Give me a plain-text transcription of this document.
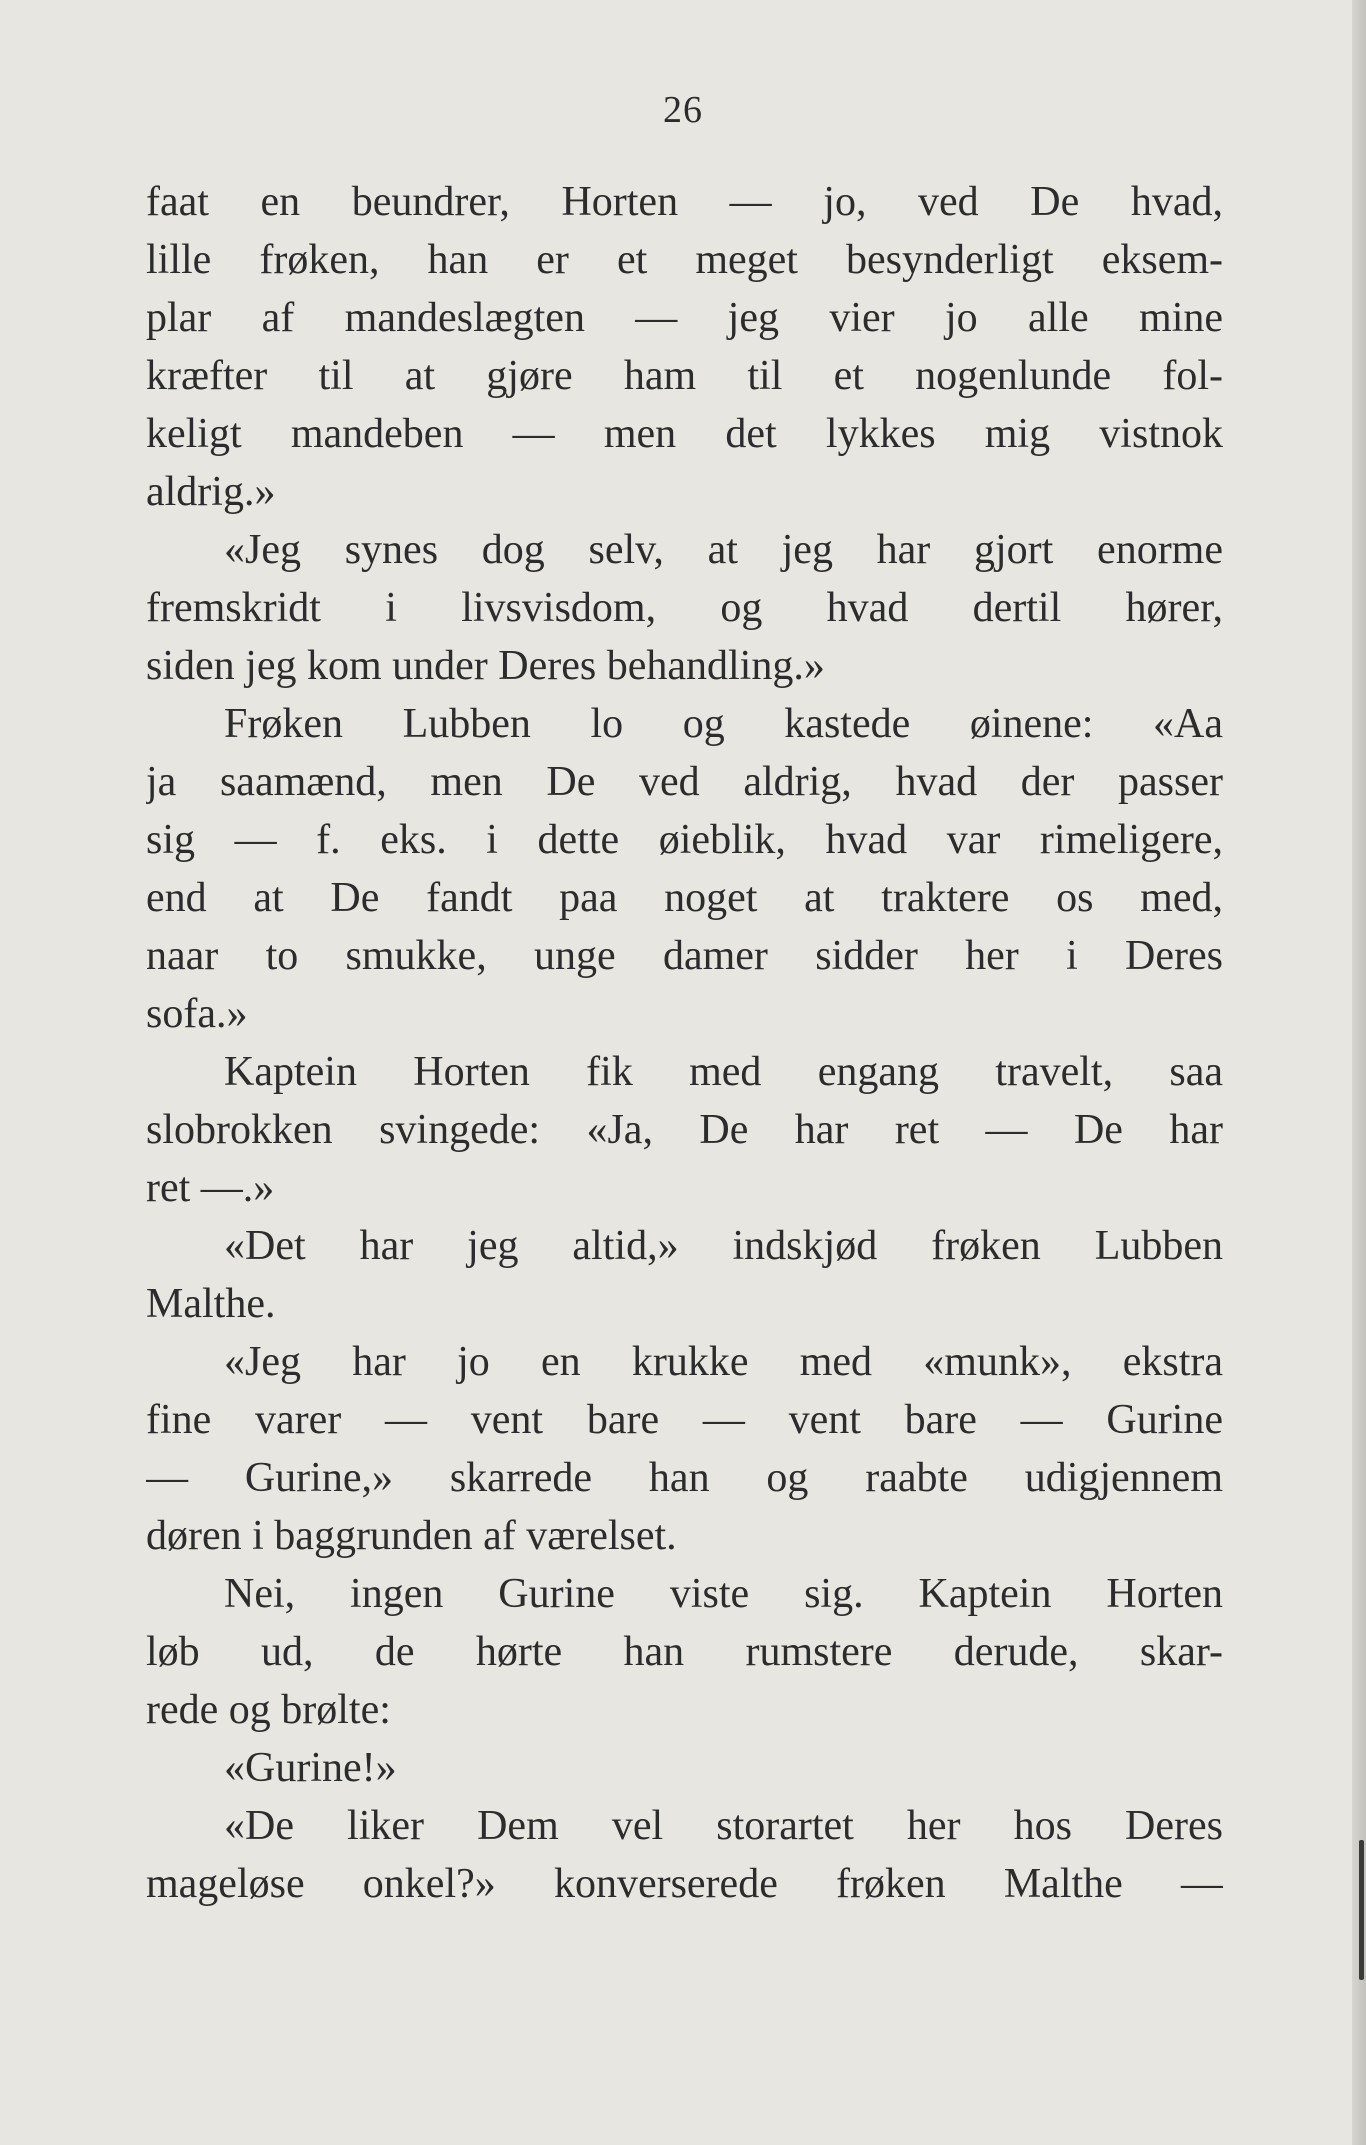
26
faat en beundrer, Horten — jo, ved De hvad,
lille frøken, han er et meget besynderligt eksem-
plar af mandeslægten — jeg vier jo alle mine
kræfter til at gjøre ham til et nogenlunde fol-
keligt mandeben — men det lykkes mig vistnok
aldrig.»
«Jeg synes dog selv, at jeg har gjort enorme
fremskridt i livsvisdom, og hvad dertil hører,
siden jeg kom under Deres behandling.»
Frøken Lubben lo og kastede øinene: «Aa
ja saamænd, men De ved aldrig, hvad der passer
sig — f. eks. i dette øieblik, hvad var rimeligere,
end at De fandt paa noget at traktere os med,
naar to smukke, unge damer sidder her i Deres
sofa.»
Kaptein Horten fik med engang travelt, saa
slobrokken svingede: «Ja, De har ret — De har
ret —.»
«Det har jeg altid,» indskjød frøken Lubben
Malthe.
«Jeg har jo en krukke med «munk», ekstra
fine varer — vent bare — vent bare — Gurine
— Gurine,» skarrede han og raabte udigjennem
døren i baggrunden af værelset.
Nei, ingen Gurine viste sig. Kaptein Horten
løb ud, de hørte han rumstere derude, skar-
rede og brølte:
«Gurine!»
«De liker Dem vel storartet her hos Deres
mageløse onkel?» konverserede frøken Malthe —
